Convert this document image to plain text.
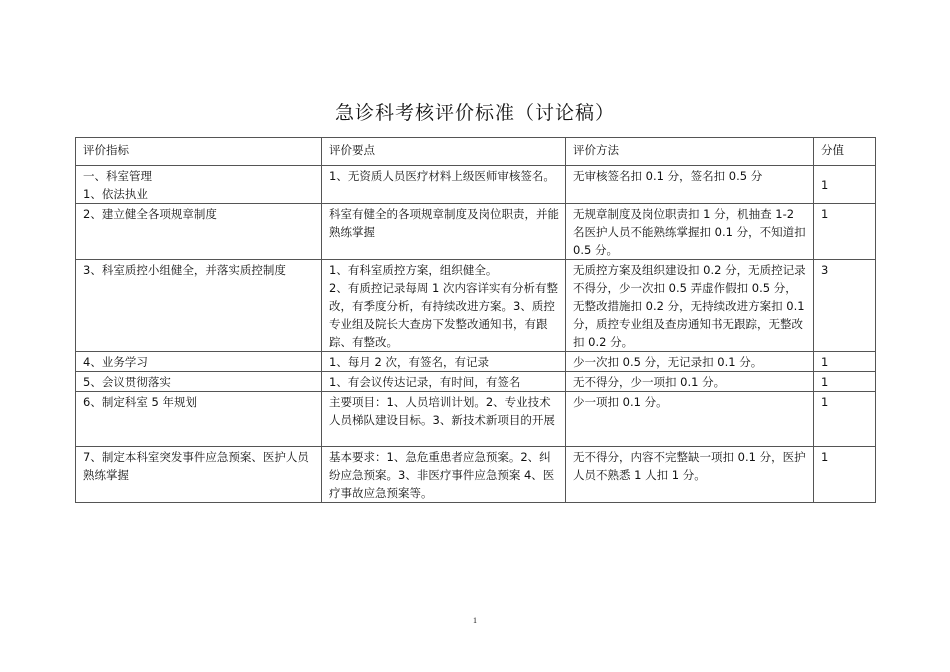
急诊科考核评价标准（讨论稿）
评价指标	评价要点	评价方法	分值
一、科室管理
1、依法执业	1、无资质人员医疗材料上级医师审核签名。	无审核签名扣 0.1 分，签名扣 0.5 分	1
2、建立健全各项规章制度	科室有健全的各项规章制度及岗位职责，并能熟练掌握	无规章制度及岗位职责扣 1 分，机抽查 1-2 名医护人员不能熟练掌握扣 0.1 分，不知道扣 0.5 分。	1
3、科室质控小组健全，并落实质控制度	1、有科室质控方案，组织健全。
2、有质控记录每周 1 次内容详实有分析有整改，有季度分析，有持续改进方案。3、质控专业组及院长大查房下发整改通知书，有跟踪、有整改。	无质控方案及组织建设扣 0.2 分，无质控记录不得分，少一次扣 0.5 弄虚作假扣 0.5 分，无整改措施扣 0.2 分，无持续改进方案扣 0.1 分，质控专业组及查房通知书无跟踪，无整改扣 0.2 分。	3
4、业务学习	1、每月 2 次，有签名，有记录	少一次扣 0.5 分，无记录扣 0.1 分。	1
5、会议贯彻落实	1、有会议传达记录，有时间，有签名	无不得分，少一项扣 0.1 分。	1
6、制定科室 5 年规划	主要项目：1、人员培训计划。2、专业技术人员梯队建设目标。3、新技术新项目的开展	少一项扣 0.1 分。	1
7、制定本科室突发事件应急预案、医护人员熟练掌握	基本要求：1、急危重患者应急预案。2、纠纷应急预案。3、非医疗事件应急预案 4、医疗事故应急预案等。	无不得分，内容不完整缺一项扣 0.1 分，医护人员不熟悉 1 人扣 1 分。	1
1
